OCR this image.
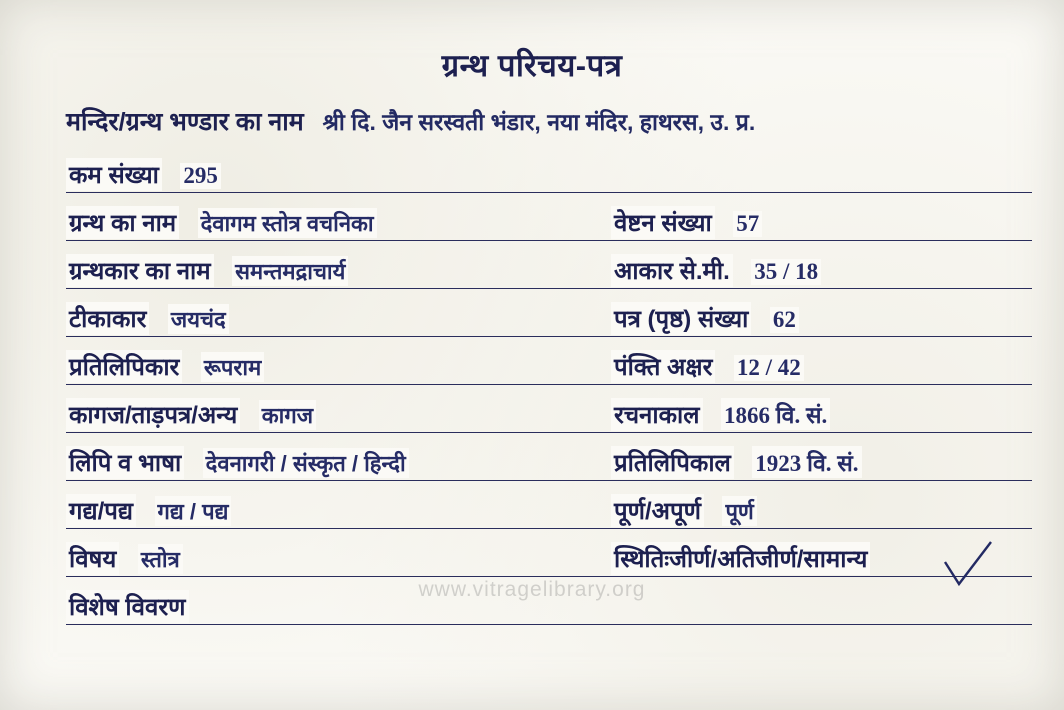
ग्रन्थ परिचय-पत्र
मन्दिर/ग्रन्थ भण्डार का नाम श्री दि. जैन सरस्वती भंडार, नया मंदिर, हाथरस, उ. प्र.
कम संख्या 295
वेष्टन संख्या 57
ग्रन्थ का नाम देवागम स्तोत्र वचनिका
आकार से.मी. 35 / 18
ग्रन्थकार का नाम समन्तमद्राचार्य
पत्र (पृष्ठ) संख्या 62
टीकाकार जयचंद
पंक्ति अक्षर 12 / 42
प्रतिलिपिकार रूपराम
रचनाकाल 1866 वि. सं.
कागज/ताड़पत्र/अन्य कागज
प्रतिलिपिकाल 1923 वि. सं.
लिपि व भाषा देवनागरी / संस्कृत / हिन्दी
पूर्ण/अपूर्ण पूर्ण
गद्य/पद्य गद्य / पद्य
स्थितिःजीर्ण/अतिजीर्ण/सामान्य
विषय स्तोत्र
विशेष विवरण
www.vitragelibrary.org
